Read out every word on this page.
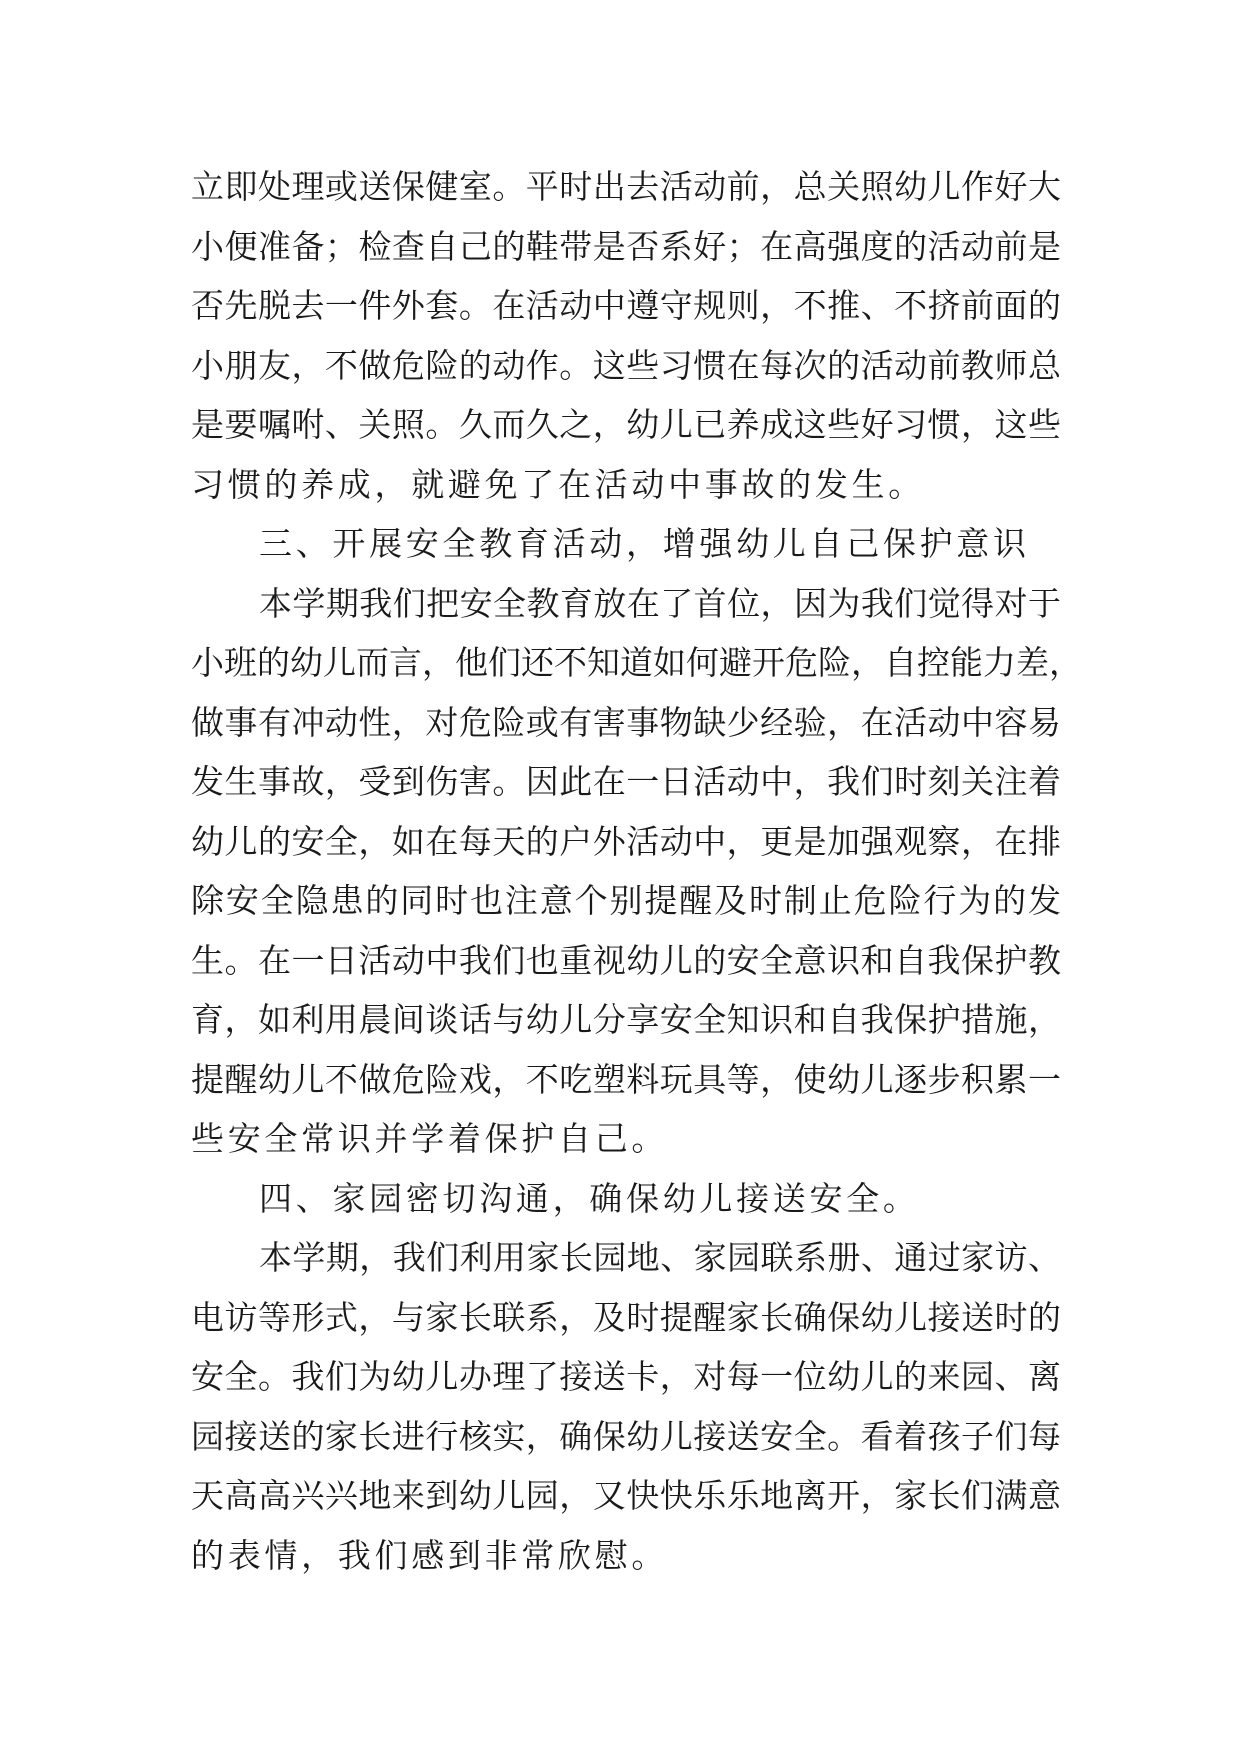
立即处理或送保健室。平时出去活动前，总关照幼儿作好大
小便准备；检查自己的鞋带是否系好；在高强度的活动前是
否先脱去一件外套。在活动中遵守规则，不推、不挤前面的
小朋友，不做危险的动作。这些习惯在每次的活动前教师总
是要嘱咐、关照。久而久之，幼儿已养成这些好习惯，这些
习惯的养成，就避免了在活动中事故的发生。
三、开展安全教育活动，增强幼儿自己保护意识
本学期我们把安全教育放在了首位，因为我们觉得对于
小班的幼儿而言，他们还不知道如何避开危险，自控能力差，
做事有冲动性，对危险或有害事物缺少经验，在活动中容易
发生事故，受到伤害。因此在一日活动中，我们时刻关注着
幼儿的安全，如在每天的户外活动中，更是加强观察，在排
除安全隐患的同时也注意个别提醒及时制止危险行为的发
生。在一日活动中我们也重视幼儿的安全意识和自我保护教
育，如利用晨间谈话与幼儿分享安全知识和自我保护措施，
提醒幼儿不做危险戏，不吃塑料玩具等，使幼儿逐步积累一
些安全常识并学着保护自己。
四、家园密切沟通，确保幼儿接送安全。
本学期，我们利用家长园地、家园联系册、通过家访、
电访等形式，与家长联系，及时提醒家长确保幼儿接送时的
安全。我们为幼儿办理了接送卡，对每一位幼儿的来园、离
园接送的家长进行核实，确保幼儿接送安全。看着孩子们每
天高高兴兴地来到幼儿园，又快快乐乐地离开，家长们满意
的表情，我们感到非常欣慰。
